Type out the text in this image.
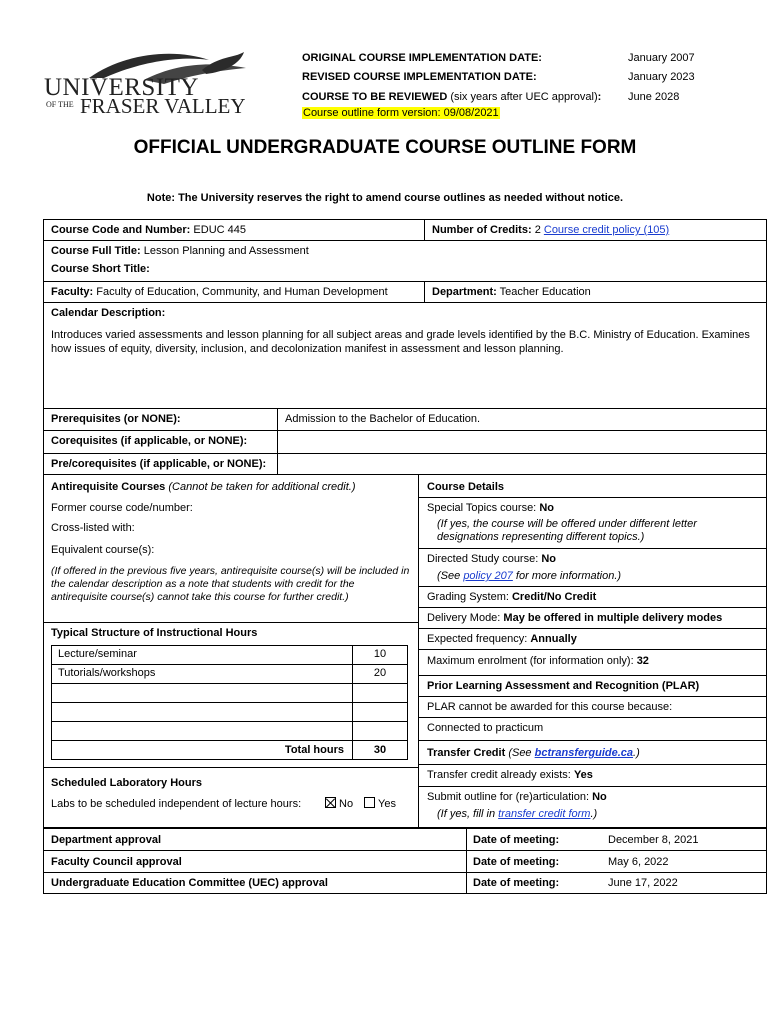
UNIVERSITY
OF THE FRASER VALLEY
ORIGINAL COURSE IMPLEMENTATION DATE:	January 2007
REVISED COURSE IMPLEMENTATION DATE:	January 2023
COURSE TO BE REVIEWED (six years after UEC approval): June 2028
Course outline form version: 09/08/2021
OFFICIAL UNDERGRADUATE COURSE OUTLINE FORM
Note: The University reserves the right to amend course outlines as needed without notice.
Course Code and Number: EDUC 445	Number of Credits: 2 Course credit policy (105)
Course Full Title: Lesson Planning and Assessment
Course Short Title:
Faculty: Faculty of Education, Community, and Human Development	Department: Teacher Education
Calendar Description:
Introduces varied assessments and lesson planning for all subject areas and grade levels identified by the B.C. Ministry of Education. Examines how issues of equity, diversity, inclusion, and decolonization manifest in assessment and lesson planning.
Prerequisites (or NONE):	Admission to the Bachelor of Education.
Corequisites (if applicable, or NONE):
Pre/corequisites (if applicable, or NONE):
Antirequisite Courses (Cannot be taken for additional credit.)
Former course code/number:
Cross-listed with:
Equivalent course(s):
(If offered in the previous five years, antirequisite course(s) will be included in the calendar description as a note that students with credit for the antirequisite course(s) cannot take this course for further credit.)
Typical Structure of Instructional Hours
Lecture/seminar	10
Tutorials/workshops	20
Total hours	30
Scheduled Laboratory Hours
Labs to be scheduled independent of lecture hours:	No	Yes
Course Details
Special Topics course: No
(If yes, the course will be offered under different letter designations representing different topics.)
Directed Study course: No
(See policy 207 for more information.)
Grading System: Credit/No Credit
Delivery Mode: May be offered in multiple delivery modes
Expected frequency: Annually
Maximum enrolment (for information only): 32
Prior Learning Assessment and Recognition (PLAR)
PLAR cannot be awarded for this course because:
Connected to practicum
Transfer Credit (See bctransferguide.ca.)
Transfer credit already exists: Yes
Submit outline for (re)articulation: No
(If yes, fill in transfer credit form.)
Department approval	Date of meeting:	December 8, 2021
Faculty Council approval	Date of meeting:	May 6, 2022
Undergraduate Education Committee (UEC) approval	Date of meeting:	June 17, 2022
